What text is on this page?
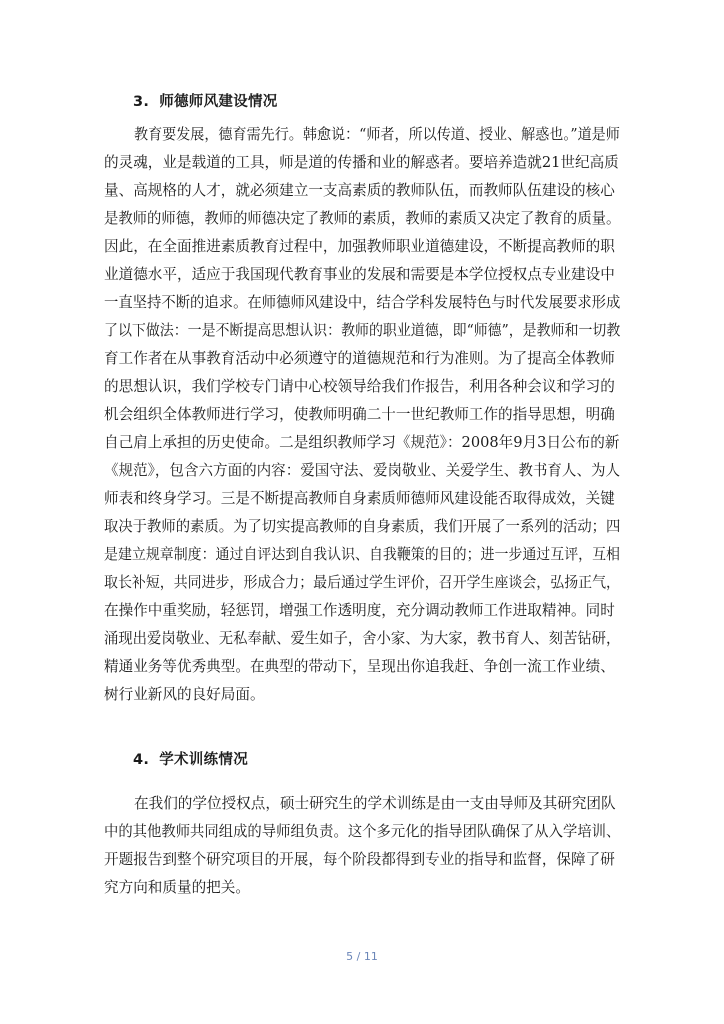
3. 师德师风建设情况
教育要发展，德育需先行。韩愈说：“师者，所以传道、授业、解惑也。”道是师
的灵魂，业是载道的工具，师是道的传播和业的解惑者。要培养造就21世纪高质
量、高规格的人才，就必须建立一支高素质的教师队伍，而教师队伍建设的核心
是教师的师德，教师的师德决定了教师的素质，教师的素质又决定了教育的质量。
因此，在全面推进素质教育过程中，加强教师职业道德建设，不断提高教师的职
业道德水平，适应于我国现代教育事业的发展和需要是本学位授权点专业建设中
一直坚持不断的追求。在师德师风建设中，结合学科发展特色与时代发展要求形成
了以下做法：一是不断提高思想认识：教师的职业道德，即“师德”，是教师和一切教
育工作者在从事教育活动中必须遵守的道德规范和行为准则。为了提高全体教师
的思想认识，我们学校专门请中心校领导给我们作报告，利用各种会议和学习的
机会组织全体教师进行学习，使教师明确二十一世纪教师工作的指导思想，明确
自己肩上承担的历史使命。二是组织教师学习《规范》：2008年9月3日公布的新
《规范》，包含六方面的内容：爱国守法、爱岗敬业、关爱学生、教书育人、为人
师表和终身学习。三是不断提高教师自身素质师德师风建设能否取得成效，关键
取决于教师的素质。为了切实提高教师的自身素质，我们开展了一系列的活动；四
是建立规章制度：通过自评达到自我认识、自我鞭策的目的；进一步通过互评，互相
取长补短，共同进步，形成合力；最后通过学生评价，召开学生座谈会，弘扬正气，
在操作中重奖励，轻惩罚，增强工作透明度，充分调动教师工作进取精神。同时
涌现出爱岗敬业、无私奉献、爱生如子，舍小家、为大家，教书育人、刻苦钻研，
精通业务等优秀典型。在典型的带动下，呈现出你追我赶、争创一流工作业绩、
树行业新风的良好局面。
4. 学术训练情况
在我们的学位授权点，硕士研究生的学术训练是由一支由导师及其研究团队
中的其他教师共同组成的导师组负责。这个多元化的指导团队确保了从入学培训、
开题报告到整个研究项目的开展，每个阶段都得到专业的指导和监督，保障了研
究方向和质量的把关。
5 / 11
